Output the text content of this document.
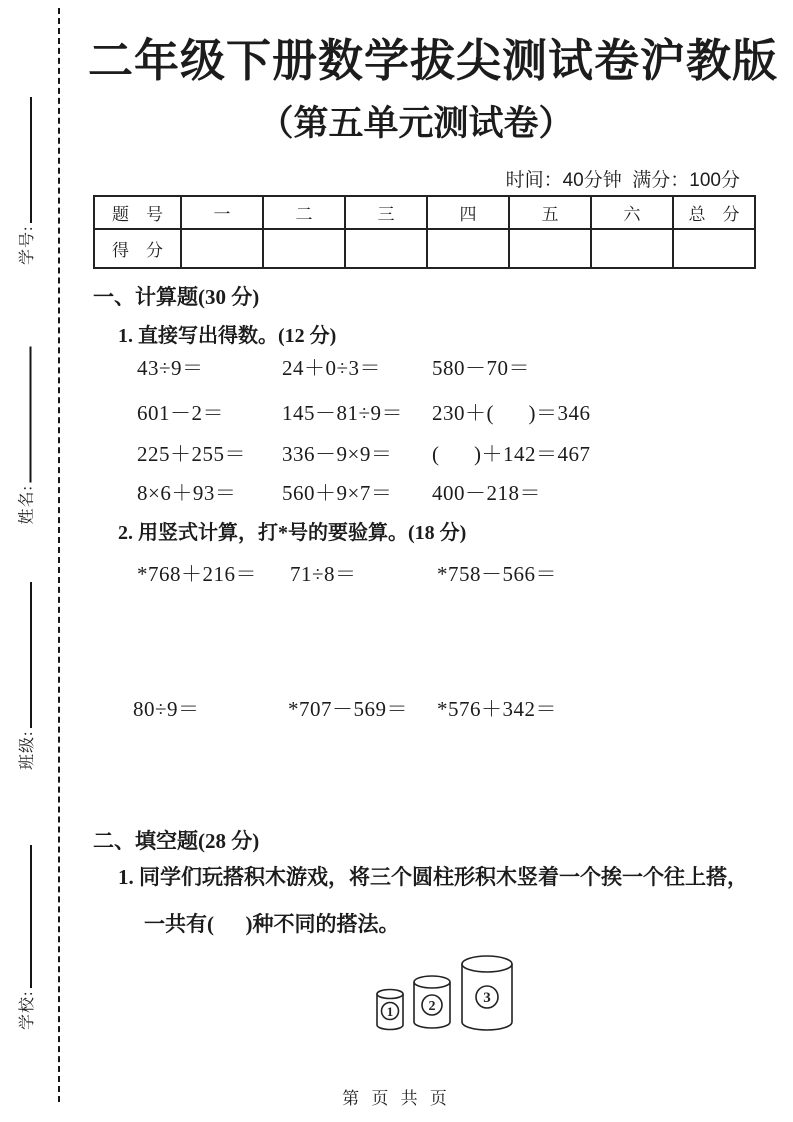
学号:
姓名:
班级:
学校:
二年级下册数学拔尖测试卷沪教版
（第五单元测试卷）
时间：40分钟  满分：100分
题　号	一	二	三	四	五	六	总　分
得　分							
一、计算题(30 分)
1. 直接写出得数。(12 分)
43÷9＝	24＋0÷3＝ 580－70＝
601－2＝	145－81÷9＝ 230＋(      )＝346
225＋255＝ 336－9×9＝ (      )＋142＝467
8×6＋93＝ 560＋9×7＝ 400－218＝
2. 用竖式计算，打*号的要验算。(18 分)
*768＋216＝ 71÷8＝	*758－566＝
80÷9＝	*707－569＝ *576＋342＝
二、填空题(28 分)
1. 同学们玩搭积木游戏，将三个圆柱形积木竖着一个挨一个往上搭，
一共有(      )种不同的搭法。
1	2
3
第 页 共 页
